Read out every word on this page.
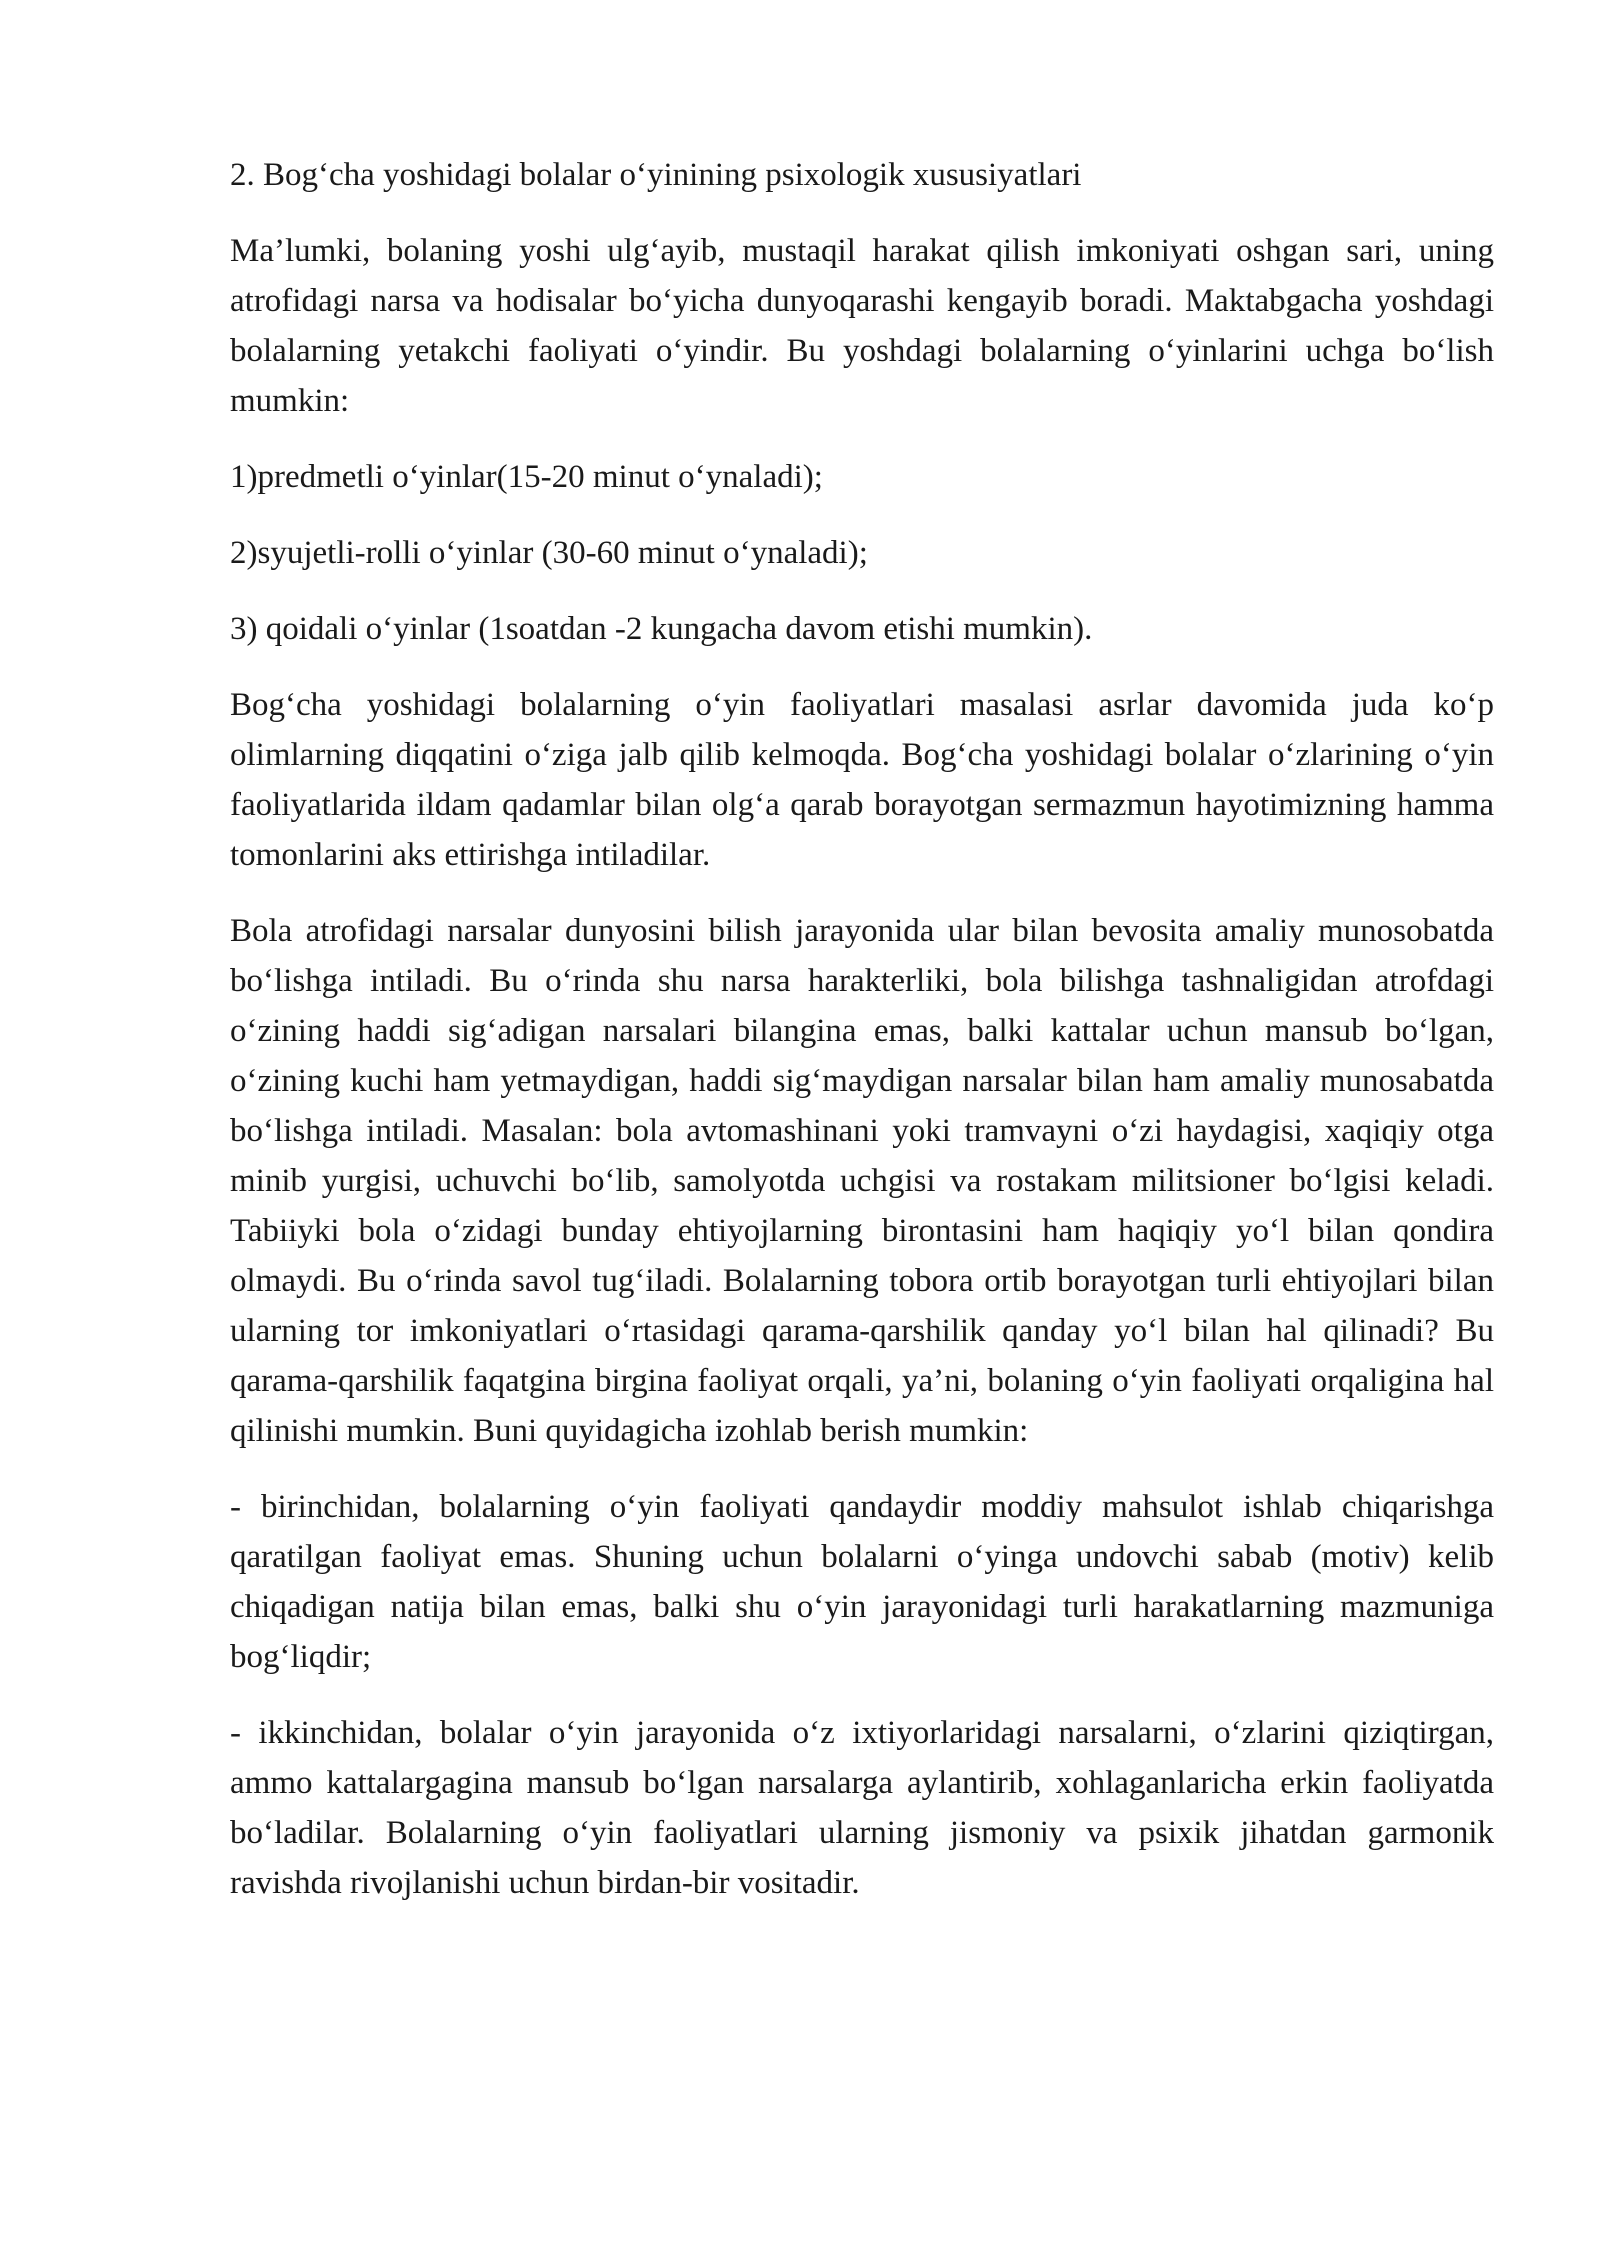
2. Bog‘cha yoshidagi bolalar o‘yinining psixologik xususiyatlari

Ma’lumki, bolaning yoshi ulg‘ayib, mustaqil harakat qilish imkoniyati oshgan sari, uning atrofidagi narsa va hodisalar bo‘yicha dunyoqarashi kengayib boradi. Maktabgacha yoshdagi bolalarning yetakchi faoliyati o‘yindir. Bu yoshdagi bolalarning o‘yinlarini uchga bo‘lish mumkin:

1)predmetli o‘yinlar(15-20 minut o‘ynaladi);
2)syujetli-rolli o‘yinlar (30-60 minut o‘ynaladi);
3) qoidali o‘yinlar (1soatdan -2 kungacha davom etishi mumkin).

Bog‘cha yoshidagi bolalarning o‘yin faoliyatlari masalasi asrlar davomida juda ko‘p olimlarning diqqatini o‘ziga jalb qilib kelmoqda. Bog‘cha yoshidagi bolalar o‘zlarining o‘yin faoliyatlarida ildam qadamlar bilan olg‘a qarab borayotgan sermazmun hayotimizning hamma tomonlarini aks ettirishga intiladilar.

Bola atrofidagi narsalar dunyosini bilish jarayonida ular bilan bevosita amaliy munosobatda bo‘lishga intiladi. Bu o‘rinda shu narsa harakterliki, bola bilishga tashnaligidan atrofdagi o‘zining haddi sig‘adigan narsalari bilangina emas, balki kattalar uchun mansub bo‘lgan, o‘zining kuchi ham yetmaydigan, haddi sig‘maydigan narsalar bilan ham amaliy munosabatda bo‘lishga intiladi. Masalan: bola avtomashinani yoki tramvayni o‘zi haydagisi, xaqiqiy otga minib yurgisi, uchuvchi bo‘lib, samolyotda uchgisi va rostakam militsioner bo‘lgisi keladi. Tabiiyki bola o‘zidagi bunday ehtiyojlarning birontasini ham haqiqiy yo‘l bilan qondira olmaydi. Bu o‘rinda savol tug‘iladi. Bolalarning tobora ortib borayotgan turli ehtiyojlari bilan ularning tor imkoniyatlari o‘rtasidagi qarama-qarshilik qanday yo‘l bilan hal qilinadi? Bu qarama-qarshilik faqatgina birgina faoliyat orqali, ya’ni, bolaning o‘yin faoliyati orqaligina hal qilinishi mumkin. Buni quyidagicha izohlab berish mumkin:

- birinchidan, bolalarning o‘yin faoliyati qandaydir moddiy mahsulot ishlab chiqarishga qaratilgan faoliyat emas. Shuning uchun bolalarni o‘yinga undovchi sabab (motiv) kelib chiqadigan natija bilan emas, balki shu o‘yin jarayonidagi turli harakatlarning mazmuniga bog‘liqdir;

- ikkinchidan, bolalar o‘yin jarayonida o‘z ixtiyorlaridagi narsalarni, o‘zlarini qiziqtirgan, ammo kattalargagina mansub bo‘lgan narsalarga aylantirib, xohlaganlaricha erkin faoliyatda bo‘ladilar. Bolalarning o‘yin faoliyatlari ularning jismoniy va psixik jihatdan garmonik ravishda rivojlanishi uchun birdan-bir vositadir.
